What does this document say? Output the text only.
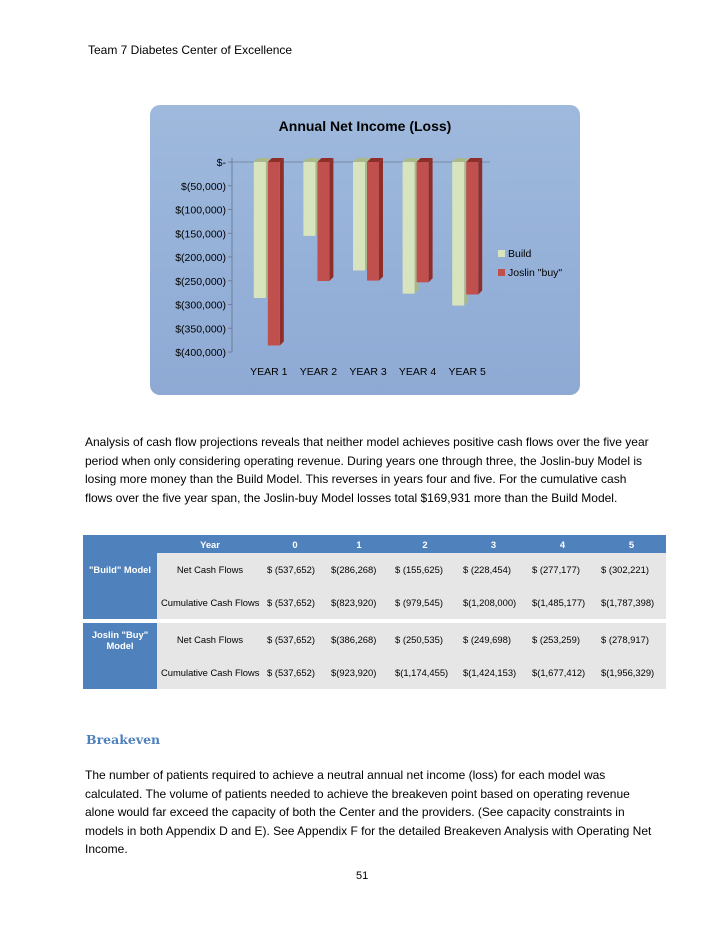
Team 7 Diabetes Center of Excellence
Annual Net Income (Loss)
$-
$(50,000)
$(100,000)
$(150,000)
$(200,000)
$(250,000)
$(300,000)
$(350,000)
$(400,000)
YEAR 1 YEAR 2 YEAR 3 YEAR 4 YEAR 5
Build
Joslin "buy"
Analysis of cash flow projections reveals that neither model achieves positive cash flows over the five year period when only considering operating revenue. During years one through three, the Joslin-buy Model is losing more money than the Build Model. This reverses in years four and five. For the cumulative cash flows over the five year span, the Joslin-buy Model losses total $169,931 more than the Build Model.
	Year	0	1	2	3	4	5
"Build" Model	Net Cash Flows	$ (537,652)	$(286,268)	$ (155,625)	$ (228,454)	$ (277,177)	$ (302,221)
	Cumulative Cash Flows	$ (537,652)	$(823,920)	$ (979,545)	$(1,208,000)	$(1,485,177)	$(1,787,398)

Joslin "Buy" Model	Net Cash Flows	$ (537,652)	$(386,268)	$ (250,535)	$ (249,698)	$ (253,259)	$ (278,917)
	Cumulative Cash Flows	$ (537,652)	$(923,920)	$(1,174,455)	$(1,424,153)	$(1,677,412)	$(1,956,329)
Breakeven
The number of patients required to achieve a neutral annual net income (loss) for each model was calculated. The volume of patients needed to achieve the breakeven point based on operating revenue alone would far exceed the capacity of both the Center and the providers. (See capacity constraints in models in both Appendix D and E). See Appendix F for the detailed Breakeven Analysis with Operating Net Income.
51
